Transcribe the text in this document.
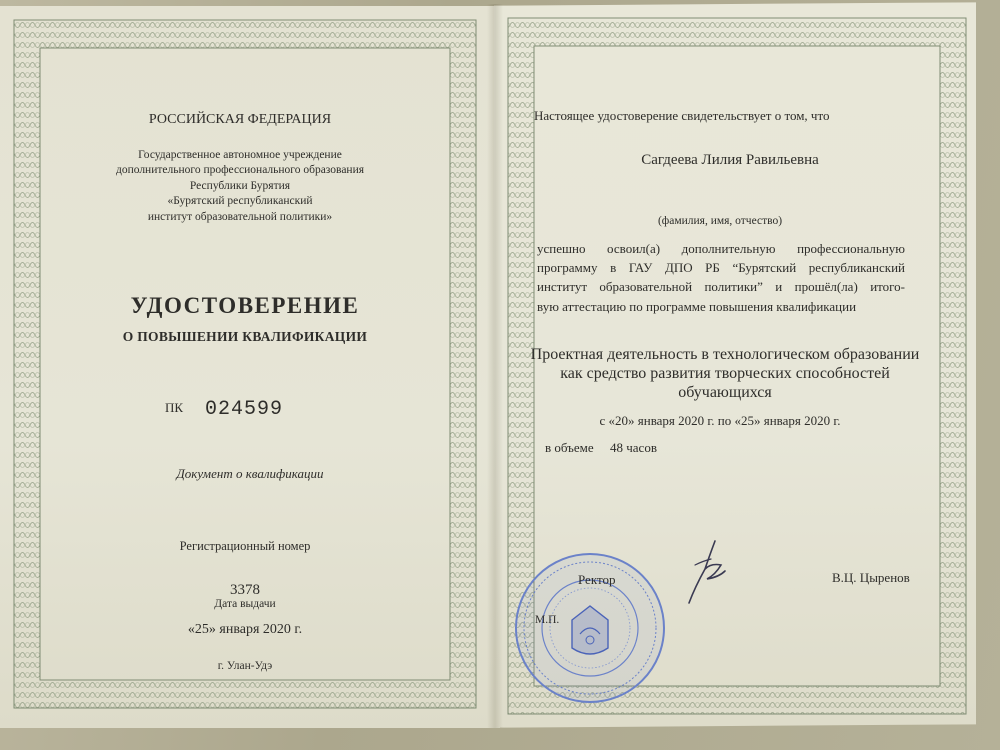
РОССИЙСКАЯ ФЕДЕРАЦИЯ
Государственное автономное учреждение
дополнительного профессионального образования
Республики Бурятия
«Бурятский республиканский
институт образовательной политики»
УДОСТОВЕРЕНИЕ
О ПОВЫШЕНИИ КВАЛИФИКАЦИИ
ПК 024599
Документ о квалификации
Регистрационный номер
3378
Дата выдачи
«25» января 2020 г.
г. Улан-Удэ
Настоящее удостоверение свидетельствует о том, что
Сагдеева Лилия Равильевна
(фамилия, имя, отчество)
успешно освоил(а) дополнительную профессиональную
программу в ГАУ ДПО РБ “Бурятский республиканский
институт образовательной политики” и прошёл(ла) итого-
вую аттестацию по программе повышения квалификации
Проектная деятельность в технологическом образовании
как средство развития творческих способностей
обучающихся
с «20» января 2020 г. по «25» января 2020 г.
в объеме 48 часов
Ректор
М.П.
В.Ц. Цыренов
